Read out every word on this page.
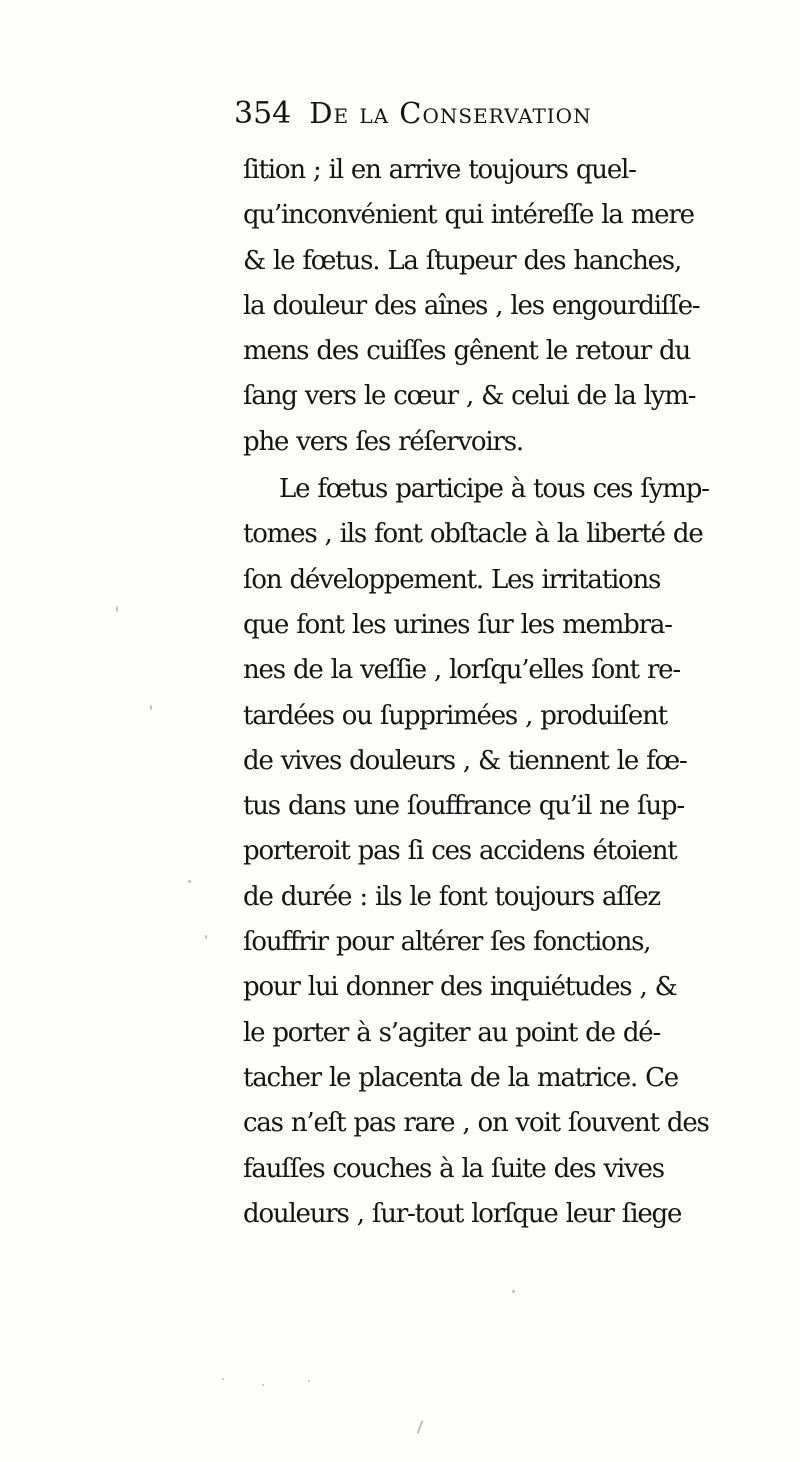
354 De la Conservation
ſition ; il en arrive toujours quel-
qu’inconvénient qui intéreſſe la mere
& le fœtus. La ſtupeur des hanches,
la douleur des aînes , les engourdiſſe-
mens des cuiſſes gênent le retour du
ſang vers le cœur , & celui de la lym-
phe vers ſes réſervoirs.
Le fœtus participe à tous ces ſymp-
tomes , ils font obſtacle à la liberté de
ſon développement. Les irritations
que font les urines ſur les membra-
nes de la veſſie , lorſqu’elles ſont re-
tardées ou ſupprimées , produiſent
de vives douleurs , & tiennent le fœ-
tus dans une ſouffrance qu’il ne ſup-
porteroit pas ſi ces accidens étoient
de durée : ils le font toujours aſſez
ſouffrir pour altérer ſes fonctions,
pour lui donner des inquiétudes , &
le porter à s’agiter au point de dé-
tacher le placenta de la matrice. Ce
cas n’eſt pas rare , on voit ſouvent des
fauſſes couches à la ſuite des vives
douleurs , ſur-tout lorſque leur ſiege
